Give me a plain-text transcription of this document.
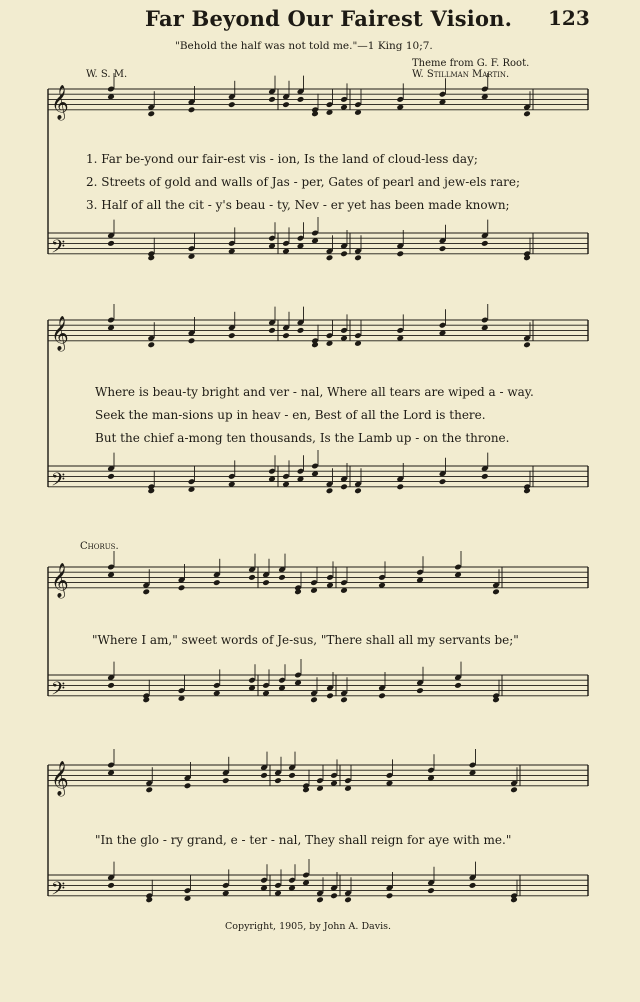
Far Beyond Our Fairest Vision. 123
"Behold the half was not told me."—1 King 10;7.
Theme from G. F. Root.
W. Stillman Martin.
W. S. M.
𝄞
𝄢
𝄞
𝄢
𝄞
𝄢
𝄞
𝄢
1. Far be-yond our fair-est vis - ion, Is the land of cloud-less day;
2. Streets of gold and walls of Jas - per, Gates of pearl and jew-els rare;
3. Half of all the cit - y's beau - ty, Nev - er yet has been made known;
Where is beau-ty bright and ver - nal, Where all tears are wiped a - way.
Seek the man-sions up in heav - en, Best of all the Lord is there.
But the chief a-mong ten thousands, Is the Lamb up - on the throne.
Chorus.
"Where I am," sweet words of Je-sus, "There shall all my servants be;"
"In the glo - ry grand, e - ter - nal, They shall reign for aye with me."
Copyright, 1905, by John A. Davis.
